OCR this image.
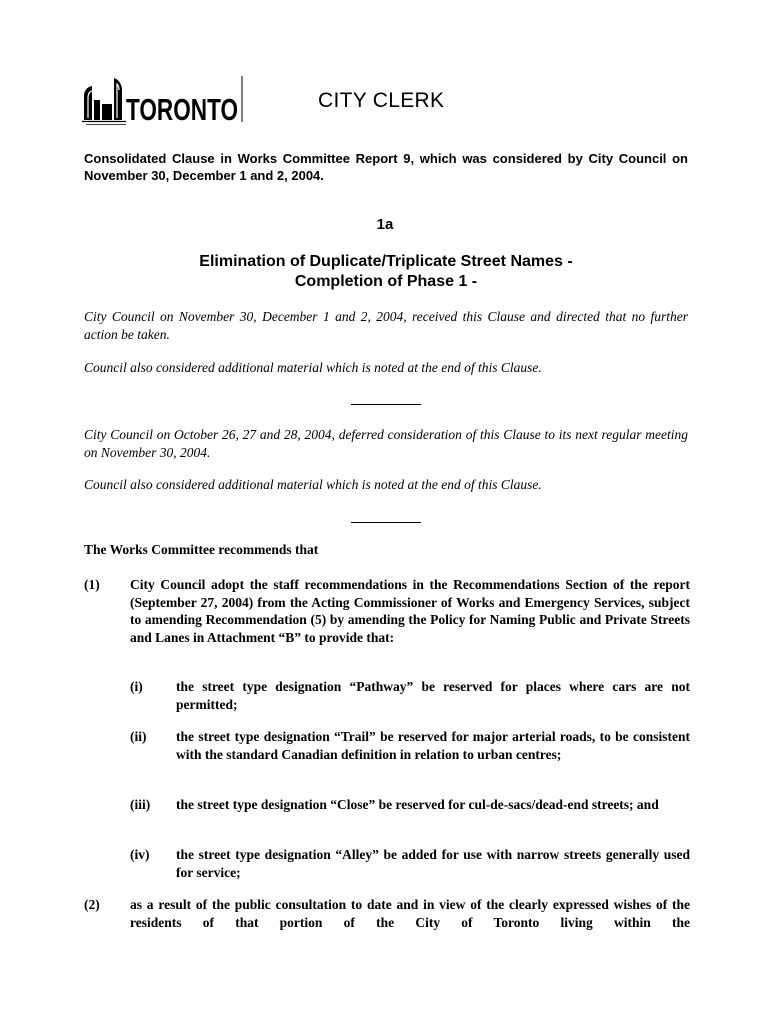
TORONTO	CITY CLERK
Consolidated Clause in Works Committee Report 9, which was considered by City Council on November 30, December 1 and 2, 2004.
1a
Elimination of Duplicate/Triplicate Street Names -
Completion of Phase 1 -
City Council on November 30, December 1 and 2, 2004, received this Clause and directed that no further action be taken.
Council also considered additional material which is noted at the end of this Clause.
City Council on October 26, 27 and 28, 2004, deferred consideration of this Clause to its next regular meeting on November 30, 2004.
Council also considered additional material which is noted at the end of this Clause.
The Works Committee recommends that
(1) City Council adopt the staff recommendations in the Recommendations Section of the report (September 27, 2004) from the Acting Commissioner of Works and Emergency Services, subject to amending Recommendation (5) by amending the Policy for Naming Public and Private Streets and Lanes in Attachment “B” to provide that:
(i) the street type designation “Pathway” be reserved for places where cars are not permitted;
(ii) the street type designation “Trail” be reserved for major arterial roads, to be consistent with the standard Canadian definition in relation to urban centres;
(iii) the street type designation “Close” be reserved for cul-de-sacs/dead-end streets; and
(iv) the street type designation “Alley” be added for use with narrow streets generally used for service;
(2) as a result of the public consultation to date and in view of the clearly expressed wishes of the residents of that portion of the City of Toronto living within the
